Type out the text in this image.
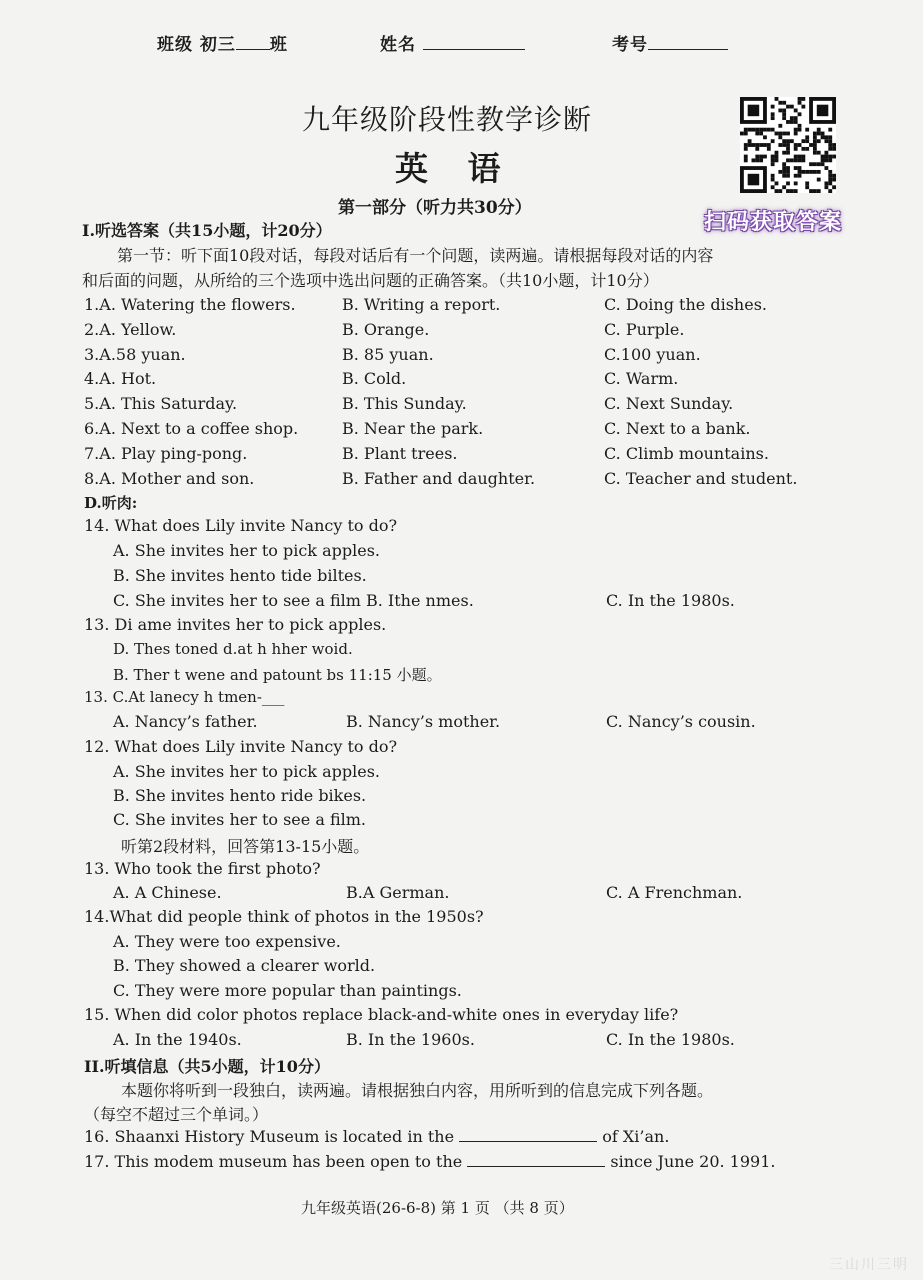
班级 初三 班	姓名	考号
九年级阶段性教学诊断
英 语
第一部分（听力共30分）
扫码获取答案
I.听选答案（共15小题，计20分）
第一节：听下面10段对话，每段对话后有一个问题，读两遍。请根据每段对话的内容
和后面的问题，从所给的三个选项中选出问题的正确答案。（共10小题，计10分）
1.A. Watering the flowers.	B. Writing a report.	C. Doing the dishes.
2.A. Yellow.	B. Orange.	C. Purple.
3.A.58 yuan.	B. 85 yuan.	C.100 yuan.
4.A. Hot.	B. Cold.	C. Warm.
5.A. This Saturday.	B. This Sunday.	C. Next Sunday.
6.A. Next to a coffee shop.	B. Near the park.	C. Next to a bank.
7.A. Play ping-pong.	B. Plant trees.	C. Climb mountains.
8.A. Mother and son.	B. Father and daughter.	C. Teacher and student.
D.听肉:
14. What does Lily invite Nancy to do?
A. She invites her to pick apples.
B. She invites hento tide biltes.
C. She invites her to see a film B. Ithe nmes.	C. In the 1980s.
13. Di ame invites her to pick apples.
D. Thes toned d.at h hher woid.
B. Ther t wene and patount bs 11:15 小题。
13. C.At lanecy h tmen-___
A. Nancy’s father.	B. Nancy’s mother.	C. Nancy’s cousin.
12. What does Lily invite Nancy to do?
A. She invites her to pick apples.
B. She invites hento ride bikes.
C. She invites her to see a film.
听第2段材料，回答第13-15小题。
13. Who took the first photo?
A. A Chinese.	B.A German.	C. A Frenchman.
14.What did people think of photos in the 1950s?
A. They were too expensive.
B. They showed a clearer world.
C. They were more popular than paintings.
15. When did color photos replace black-and-white ones in everyday life?
A. In the 1940s.	B. In the 1960s.	C. In the 1980s.
II.听填信息（共5小题，计10分）
本题你将听到一段独白，读两遍。请根据独白内容，用所听到的信息完成下列各题。
（每空不超过三个单词。）
16. Shaanxi History Museum is located in the	of Xi’an.
17. This modem museum has been open to the	since June 20. 1991.
九年级英语(26-6-8) 第 1 页 （共 8 页）
三山川三明
